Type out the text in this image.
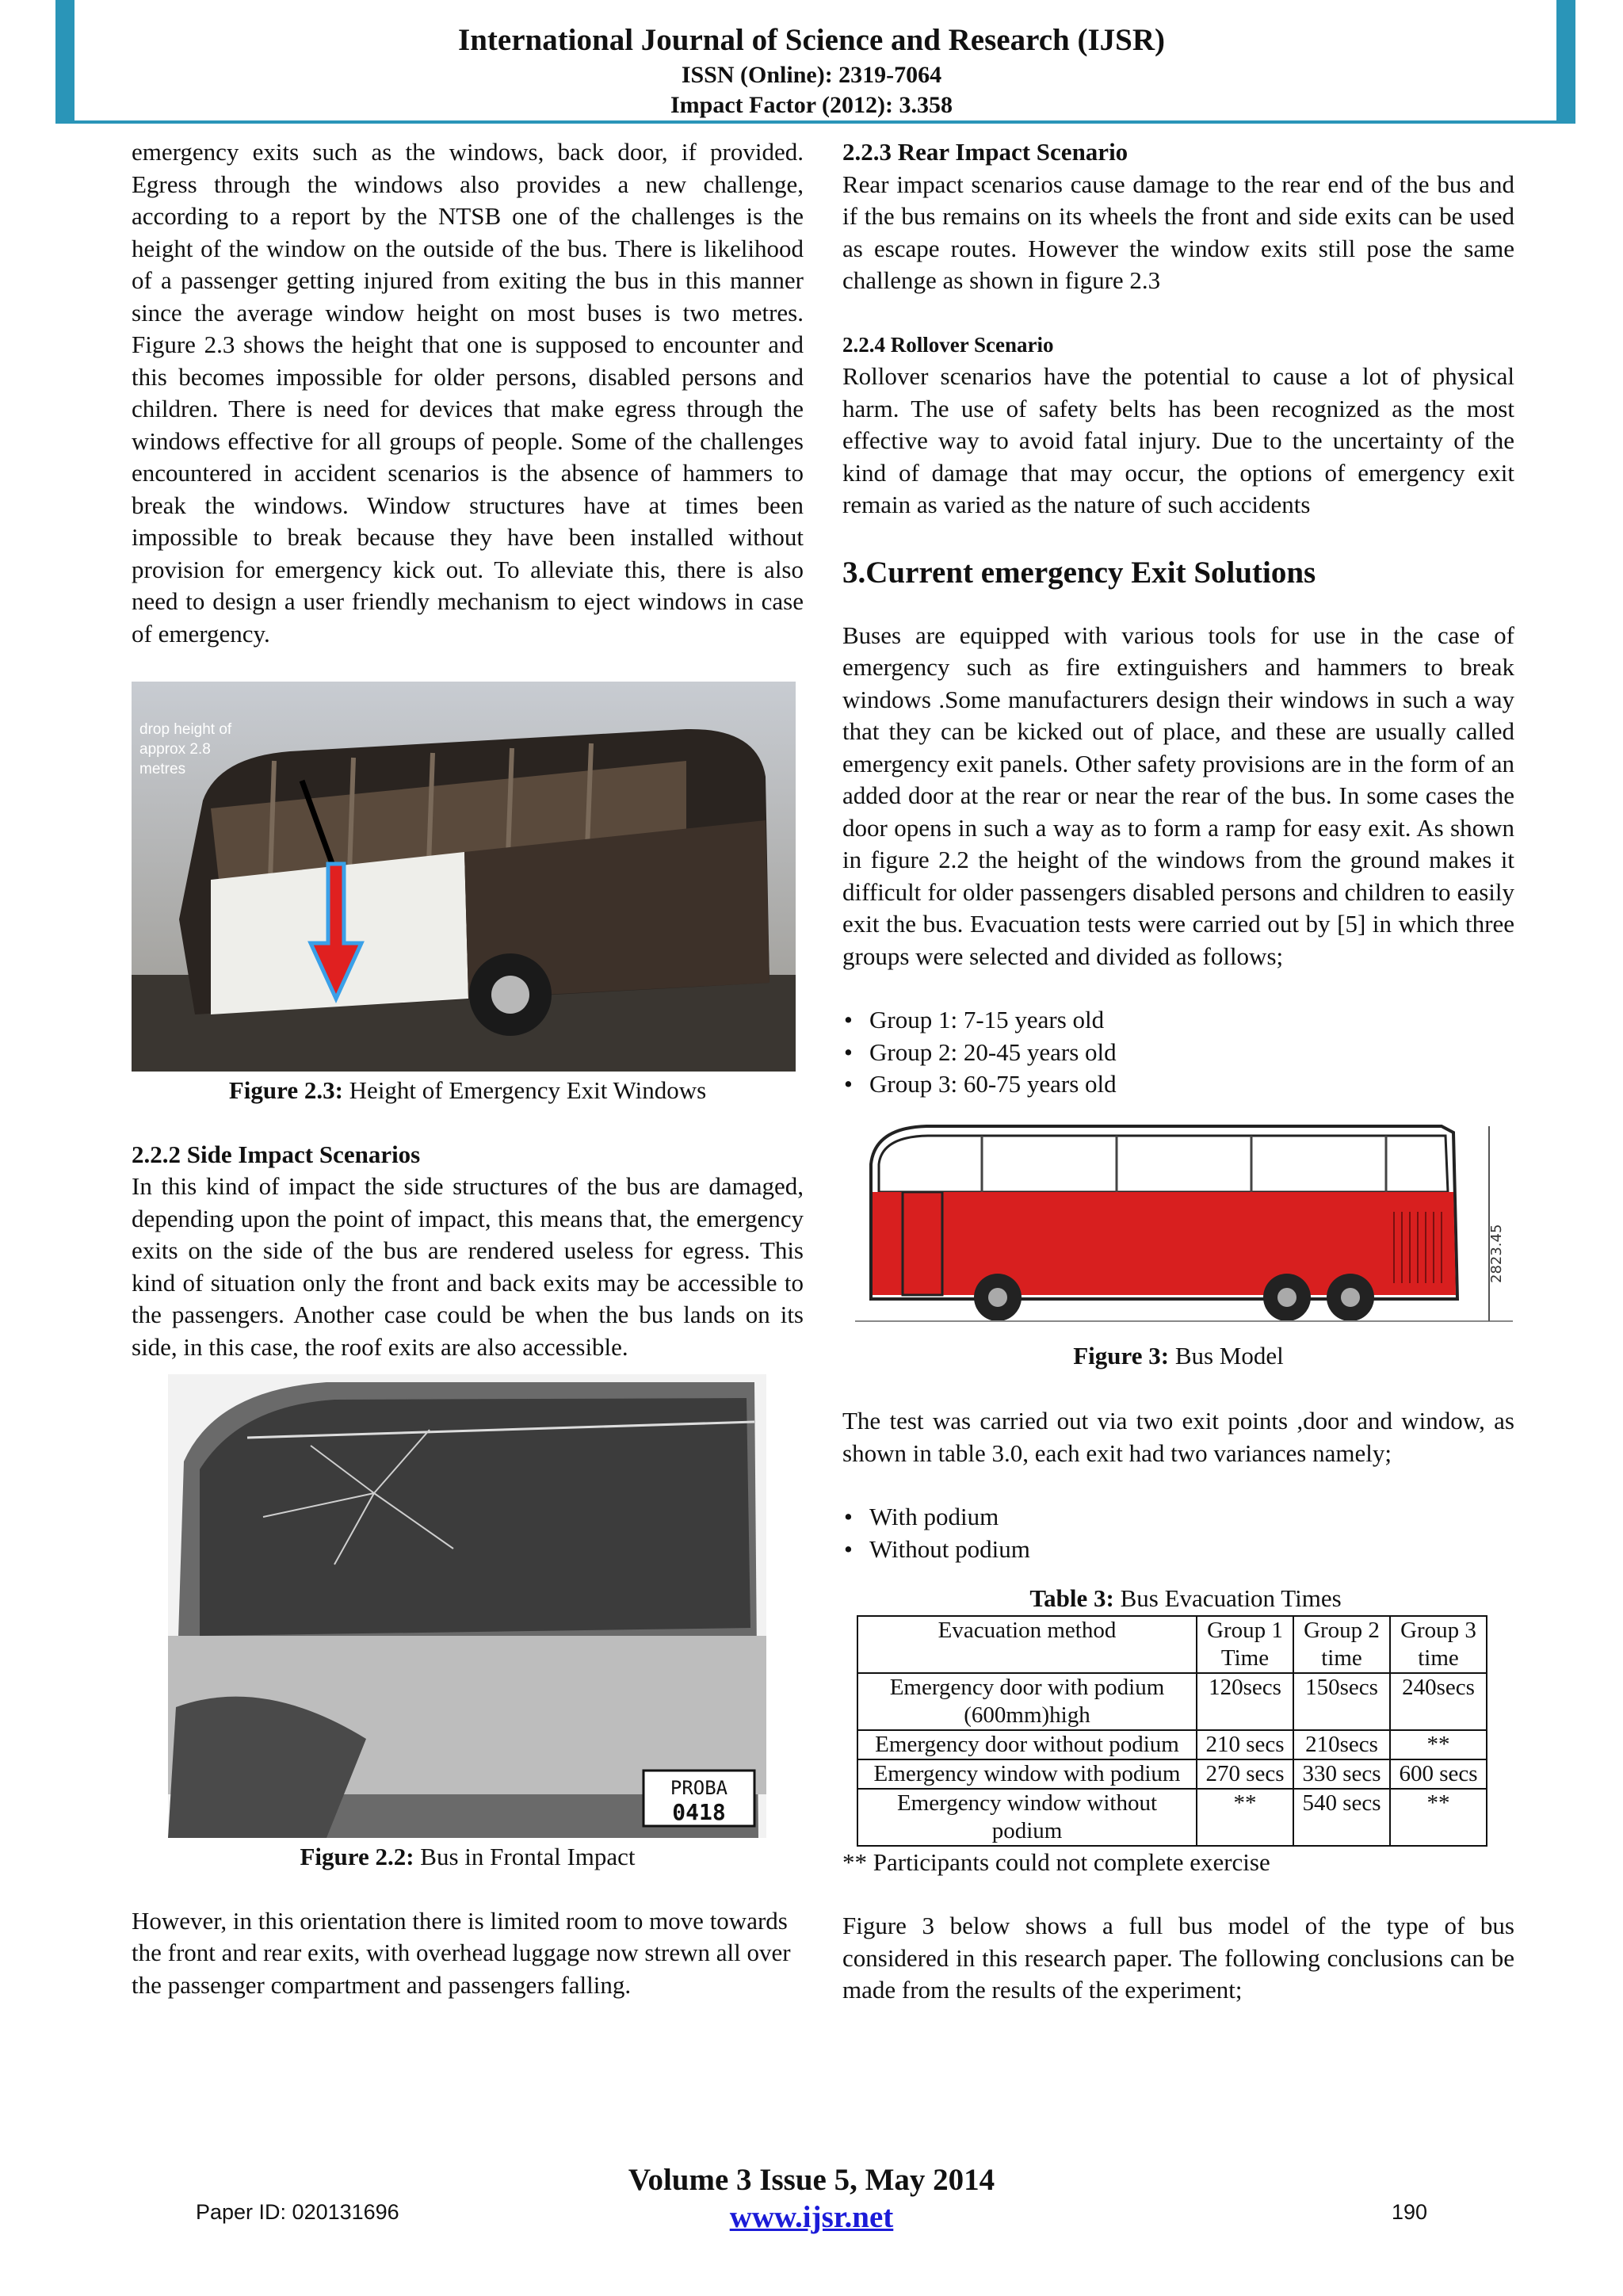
International Journal of Science and Research (IJSR)
ISSN (Online): 2319-7064
Impact Factor (2012): 3.358

emergency exits such as the windows, back door, if provided. Egress through the windows also provides a new challenge, according to a report by the NTSB one of the challenges is the height of the window on the outside of the bus. There is likelihood of a passenger getting injured from exiting the bus in this manner since the average window height on most buses is two metres. Figure 2.3 shows the height that one is supposed to encounter and this becomes impossible for older persons, disabled persons and children. There is need for devices that make egress through the windows effective for all groups of people. Some of the challenges encountered in accident scenarios is the absence of hammers to break the windows. Window structures have at times been impossible to break because they have been installed without provision for emergency kick out. To alleviate this, there is also need to design a user friendly mechanism to eject windows in case of emergency.

drop height of approx 2.8 metres

Figure 2.3: Height of Emergency Exit Windows

2.2.2 Side Impact Scenarios

In this kind of impact the side structures of the bus are damaged, depending upon the point of impact, this means that, the emergency exits on the side of the bus are rendered useless for egress. This kind of situation only the front and back exits may be accessible to the passengers. Another case could be when the bus lands on its side, in this case, the roof exits are also accessible.

PROBA
0418

Figure 2.2: Bus in Frontal Impact

However, in this orientation there is limited room to move towards the front and rear exits, with overhead luggage now strewn all over the passenger compartment and passengers falling.

2.2.3 Rear Impact Scenario

Rear impact scenarios cause damage to the rear end of the bus and if the bus remains on its wheels the front and side exits can be used as escape routes. However the window exits still pose the same challenge as shown in figure 2.3

2.2.4 Rollover Scenario

Rollover scenarios have the potential to cause a lot of physical harm. The use of safety belts has been recognized as the most effective way to avoid fatal injury. Due to the uncertainty of the kind of damage that may occur, the options of emergency exit remain as varied as the nature of such accidents

3.Current emergency Exit Solutions

Buses are equipped with various tools for use in the case of emergency such as fire extinguishers and hammers to break windows .Some manufacturers design their windows in such a way that they can be kicked out of place, and these are usually called emergency exit panels. Other safety provisions are in the form of an added door at the rear or near the rear of the bus. In some cases the door opens in such a way as to form a ramp for easy exit. As shown in figure 2.2 the height of the windows from the ground makes it difficult for older passengers disabled persons and children to easily exit the bus. Evacuation tests were carried out by [5] in which three groups were selected and divided as follows;

• Group 1: 7-15 years old
• Group 2: 20-45 years old
• Group 3: 60-75 years old
2823.45

Figure 3: Bus Model

The test was carried out via two exit points ,door and window, as shown in table 3.0, each exit had two variances namely;

• With podium
• Without podium

Table 3: Bus Evacuation Times

Evacuation method	Group 1 Time	Group 2 time	Group 3 time
Emergency door with podium (600mm)high	120secs	150secs	240secs
Emergency door without podium	210 secs	210secs	**
Emergency window with podium	270 secs	330 secs	600 secs
Emergency window without podium	**	540 secs	**

** Participants could not complete exercise

Figure 3 below shows a full bus model of the type of bus considered in this research paper. The following conclusions can be made from the results of the experiment;

Volume 3 Issue 5, May 2014
www.ijsr.net
Paper ID: 020131696	190
